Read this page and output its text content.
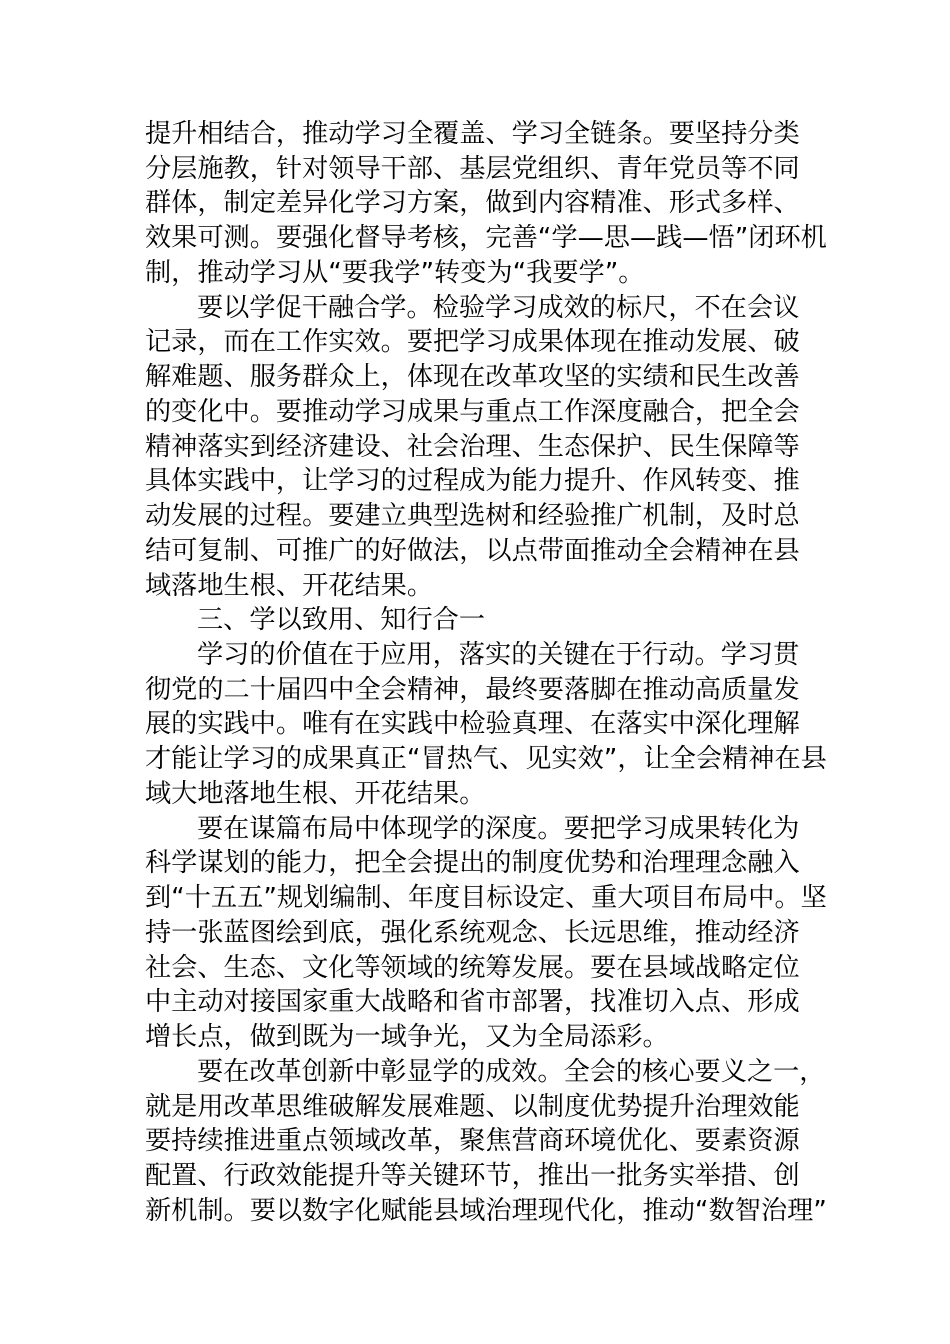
提升相结合，推动学习全覆盖、学习全链条。要坚持分类
分层施教，针对领导干部、基层党组织、青年党员等不同
群体，制定差异化学习方案，做到内容精准、形式多样、
效果可测。要强化督导考核，完善“学—思—践—悟”闭环机
制，推动学习从“要我学”转变为“我要学”。
要以学促干融合学。检验学习成效的标尺，不在会议
记录，而在工作实效。要把学习成果体现在推动发展、破
解难题、服务群众上，体现在改革攻坚的实绩和民生改善
的变化中。要推动学习成果与重点工作深度融合，把全会
精神落实到经济建设、社会治理、生态保护、民生保障等
具体实践中，让学习的过程成为能力提升、作风转变、推
动发展的过程。要建立典型选树和经验推广机制，及时总
结可复制、可推广的好做法，以点带面推动全会精神在县
域落地生根、开花结果。
三、学以致用、知行合一
学习的价值在于应用，落实的关键在于行动。学习贯
彻党的二十届四中全会精神，最终要落脚在推动高质量发
展的实践中。唯有在实践中检验真理、在落实中深化理解
才能让学习的成果真正“冒热气、见实效”，让全会精神在县
域大地落地生根、开花结果。
要在谋篇布局中体现学的深度。要把学习成果转化为
科学谋划的能力，把全会提出的制度优势和治理理念融入
到“十五五”规划编制、年度目标设定、重大项目布局中。坚
持一张蓝图绘到底，强化系统观念、长远思维，推动经济
社会、生态、文化等领域的统筹发展。要在县域战略定位
中主动对接国家重大战略和省市部署，找准切入点、形成
增长点，做到既为一域争光，又为全局添彩。
要在改革创新中彰显学的成效。全会的核心要义之一，
就是用改革思维破解发展难题、以制度优势提升治理效能
要持续推进重点领域改革，聚焦营商环境优化、要素资源
配置、行政效能提升等关键环节，推出一批务实举措、创
新机制。要以数字化赋能县域治理现代化，推动“数智治理”
